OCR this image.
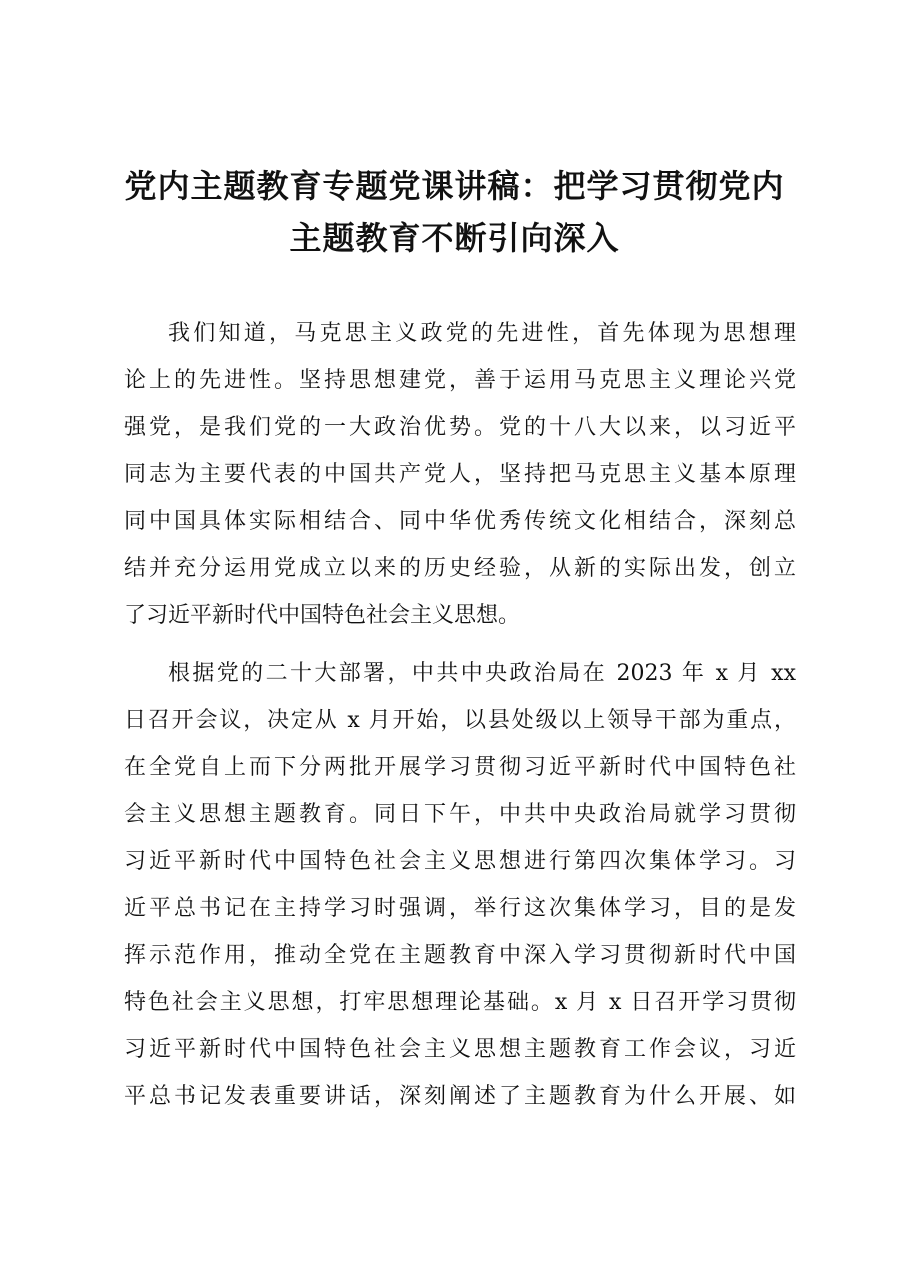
党内主题教育专题党课讲稿：把学习贯彻党内
主题教育不断引向深入
我们知道，马克思主义政党的先进性，首先体现为思想理
论上的先进性。坚持思想建党，善于运用马克思主义理论兴党
强党，是我们党的一大政治优势。党的十八大以来，以习近平
同志为主要代表的中国共产党人，坚持把马克思主义基本原理
同中国具体实际相结合、同中华优秀传统文化相结合，深刻总
结并充分运用党成立以来的历史经验，从新的实际出发，创立
了习近平新时代中国特色社会主义思想。
根据党的二十大部署，中共中央政治局在 2023 年 x 月 xx
日召开会议，决定从 x 月开始，以县处级以上领导干部为重点，
在全党自上而下分两批开展学习贯彻习近平新时代中国特色社
会主义思想主题教育。同日下午，中共中央政治局就学习贯彻
习近平新时代中国特色社会主义思想进行第四次集体学习。习
近平总书记在主持学习时强调，举行这次集体学习，目的是发
挥示范作用，推动全党在主题教育中深入学习贯彻新时代中国
特色社会主义思想，打牢思想理论基础。x 月 x 日召开学习贯彻
习近平新时代中国特色社会主义思想主题教育工作会议，习近
平总书记发表重要讲话，深刻阐述了主题教育为什么开展、如
